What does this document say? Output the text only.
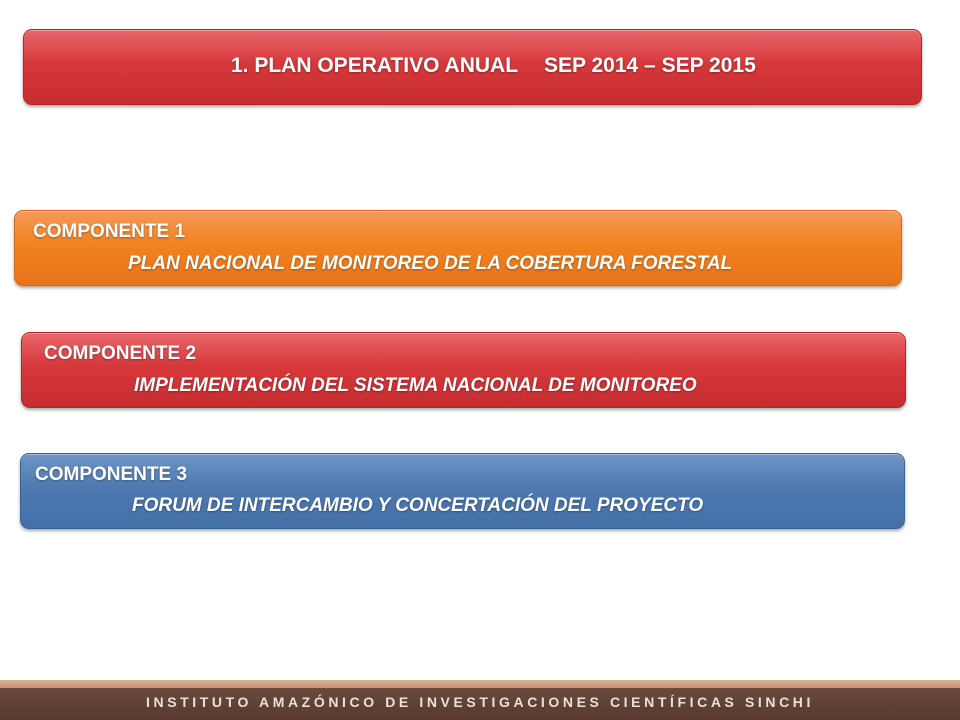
1. PLAN OPERATIVO ANUAL SEP 2014 – SEP 2015
COMPONENTE 1
PLAN NACIONAL DE MONITOREO DE LA COBERTURA FORESTAL
COMPONENTE 2
IMPLEMENTACIÓN DEL SISTEMA NACIONAL DE MONITOREO
COMPONENTE 3
FORUM DE INTERCAMBIO Y CONCERTACIÓN DEL PROYECTO
INSTITUTO AMAZÓNICO DE INVESTIGACIONES CIENTÍFICAS SINCHI
